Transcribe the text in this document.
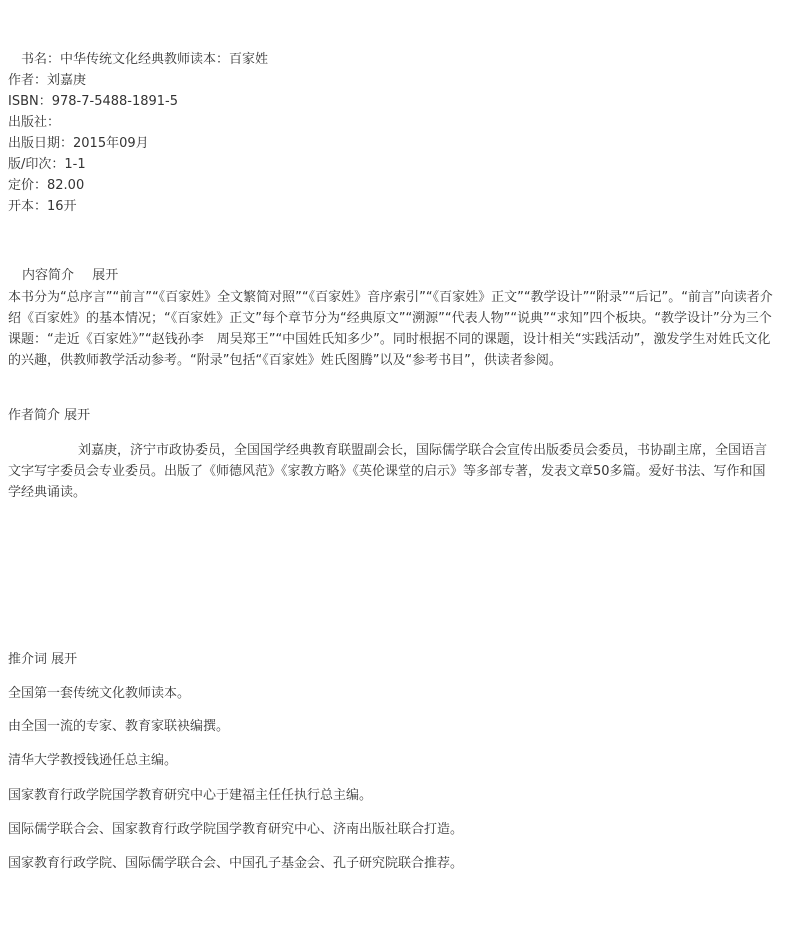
　书名：中华传统文化经典教师读本：百家姓
作者：刘嘉庚
ISBN：978-7-5488-1891-5
出版社：
出版日期：2015年09月
版/印次：1-1
定价：82.00
开本：16开
内容简介 展开
本书分为“总序言”“前言”“《百家姓》全文繁简对照”“《百家姓》音序索引”“《百家姓》正文”“教学设计”“附录”“后记”。“前言”向读者介绍《百家姓》的基本情况；“《百家姓》正文”每个章节分为“经典原文”“溯源”“代表人物”“说典”“求知”四个板块。“教学设计”分为三个课题：“走近《百家姓》”“赵钱孙李　周吴郑王”“中国姓氏知多少”。同时根据不同的课题，设计相关“实践活动”，激发学生对姓氏文化的兴趣，供教师教学活动参考。“附录”包括“《百家姓》姓氏图腾”以及“参考书目”，供读者参阅。
作者简介 展开
刘嘉庚，济宁市政协委员，全国国学经典教育联盟副会长，国际儒学联合会宣传出版委员会委员，书协副主席，全国语言文字写字委员会专业委员。出版了《师德风范》《家教方略》《英伦课堂的启示》等多部专著，发表文章50多篇。爱好书法、写作和国学经典诵读。
推介词 展开
全国第一套传统文化教师读本。
由全国一流的专家、教育家联袂编撰。
清华大学教授钱逊任总主编。
国家教育行政学院国学教育研究中心于建福主任任执行总主编。
国际儒学联合会、国家教育行政学院国学教育研究中心、济南出版社联合打造。
国家教育行政学院、国际儒学联合会、中国孔子基金会、孔子研究院联合推荐。
